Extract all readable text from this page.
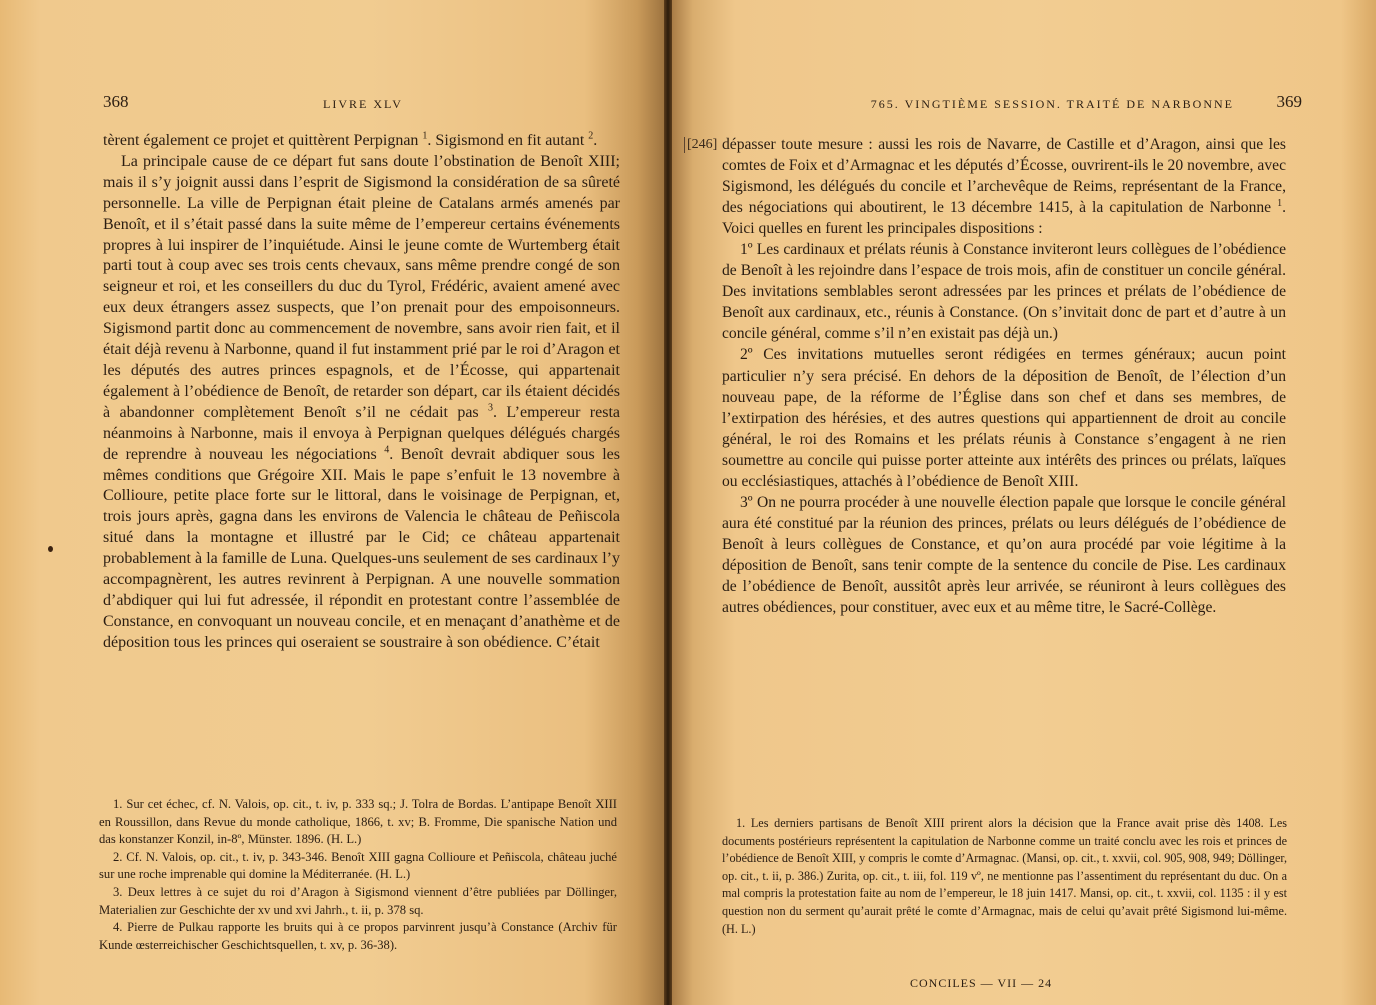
368	LIVRE XLV

tèrent également ce projet et quittèrent Perpignan $^1$. Sigismond en fit autant $^2$.

La principale cause de ce départ fut sans doute l’obstination de Benoît XIII; mais il s’y joignit aussi dans l’esprit de Sigismond la considération de sa sûreté personnelle. La ville de Perpignan était pleine de Catalans armés amenés par Benoît, et il s’était passé dans la suite même de l’empereur certains événements propres à lui inspirer de l’inquiétude. Ainsi le jeune comte de Wurtemberg était parti tout à coup avec ses trois cents chevaux, sans même prendre congé de son seigneur et roi, et les conseillers du duc du Tyrol, Frédéric, avaient amené avec eux deux étrangers assez suspects, que l’on prenait pour des empoisonneurs. Sigismond partit donc au commencement de novembre, sans avoir rien fait, et il était déjà revenu à Narbonne, quand il fut instamment prié par le roi d’Aragon et les députés des autres princes espagnols, et de l’Écosse, qui appartenait également à l’obédience de Benoît, de retarder son départ, car ils étaient décidés à abandonner complètement Benoît s’il ne cédait pas $^3$. L’empereur resta néanmoins à Narbonne, mais il envoya à Perpignan quelques délégués chargés de reprendre à nouveau les négociations $^4$. Benoît devrait abdiquer sous les mêmes conditions que Grégoire XII. Mais le pape s’enfuit le 13 novembre à Collioure, petite place forte sur le littoral, dans le voisinage de Perpignan, et, trois jours après, gagna dans les environs de Valencia le château de Peñiscola situé dans la montagne et illustré par le Cid; ce château appartenait probablement à la famille de Luna. Quelques-uns seulement de ses cardinaux l’y accompagnèrent, les autres revinrent à Perpignan. A une nouvelle sommation d’abdiquer qui lui fut adressée, il répondit en protestant contre l’assemblée de Constance, en convoquant un nouveau concile, et en menaçant d’anathème et de déposition tous les princes qui oseraient se soustraire à son obédience. C’était

1. Sur cet échec, cf. N. Valois, op. cit., t. iv, p. 333 sq.; J. Tolra de Bordas. L’antipape Benoît XIII en Roussillon, dans Revue du monde catholique, 1866, t. xv; B. Fromme, Die spanische Nation und das konstanzer Konzil, in-8º, Münster. 1896. (H. L.)

2. Cf. N. Valois, op. cit., t. iv, p. 343-346. Benoît XIII gagna Collioure et Peñiscola, château juché sur une roche imprenable qui domine la Méditerranée. (H. L.)

3. Deux lettres à ce sujet du roi d’Aragon à Sigismond viennent d’être publiées par Döllinger, Materialien zur Geschichte der xv und xvi Jahrh., t. ii, p. 378 sq.

4. Pierre de Pulkau rapporte les bruits qui à ce propos parvinrent jusqu’à Constance (Archiv für Kunde œsterreichischer Geschichtsquellen, t. xv, p. 36-38).

765. VINGTIÈME SESSION. TRAITÉ DE NARBONNE	369
[246] dépasser toute mesure : aussi les rois de Navarre, de Castille et d’Aragon, ainsi que les comtes de Foix et d’Armagnac et les députés d’Écosse, ouvrirent-ils le 20 novembre, avec Sigismond, les délégués du concile et l’archevêque de Reims, représentant de la France, des négociations qui aboutirent, le 13 décembre 1415, à la capitulation de Narbonne $^1$. Voici quelles en furent les principales dispositions :

1º Les cardinaux et prélats réunis à Constance inviteront leurs collègues de l’obédience de Benoît à les rejoindre dans l’espace de trois mois, afin de constituer un concile général. Des invitations semblables seront adressées par les princes et prélats de l’obédience de Benoît aux cardinaux, etc., réunis à Constance. (On s’invitait donc de part et d’autre à un concile général, comme s’il n’en existait pas déjà un.)

2º Ces invitations mutuelles seront rédigées en termes généraux; aucun point particulier n’y sera précisé. En dehors de la déposition de Benoît, de l’élection d’un nouveau pape, de la réforme de l’Église dans son chef et dans ses membres, de l’extirpation des hérésies, et des autres questions qui appartiennent de droit au concile général, le roi des Romains et les prélats réunis à Constance s’engagent à ne rien soumettre au concile qui puisse porter atteinte aux intérêts des princes ou prélats, laïques ou ecclésiastiques, attachés à l’obédience de Benoît XIII.

3º On ne pourra procéder à une nouvelle élection papale que lorsque le concile général aura été constitué par la réunion des princes, prélats ou leurs délégués de l’obédience de Benoît à leurs collègues de Constance, et qu’on aura procédé par voie légitime à la déposition de Benoît, sans tenir compte de la sentence du concile de Pise. Les cardinaux de l’obédience de Benoît, aussitôt après leur arrivée, se réuniront à leurs collègues des autres obédiences, pour constituer, avec eux et au même titre, le Sacré-Collège.

1. Les derniers partisans de Benoît XIII prirent alors la décision que la France avait prise dès 1408. Les documents postérieurs représentent la capitulation de Narbonne comme un traité conclu avec les rois et princes de l’obédience de Benoît XIII, y compris le comte d’Armagnac. (Mansi, op. cit., t. xxvii, col. 905, 908, 949; Döllinger, op. cit., t. ii, p. 386.) Zurita, op. cit., t. iii, fol. 119 vº, ne mentionne pas l’assentiment du représentant du duc. On a mal compris la protestation faite au nom de l’empereur, le 18 juin 1417. Mansi, op. cit., t. xxvii, col. 1135 : il y est question non du serment qu’aurait prêté le comte d’Armagnac, mais de celui qu’avait prêté Sigismond lui-même. (H. L.)

CONCILES — VII — 24
